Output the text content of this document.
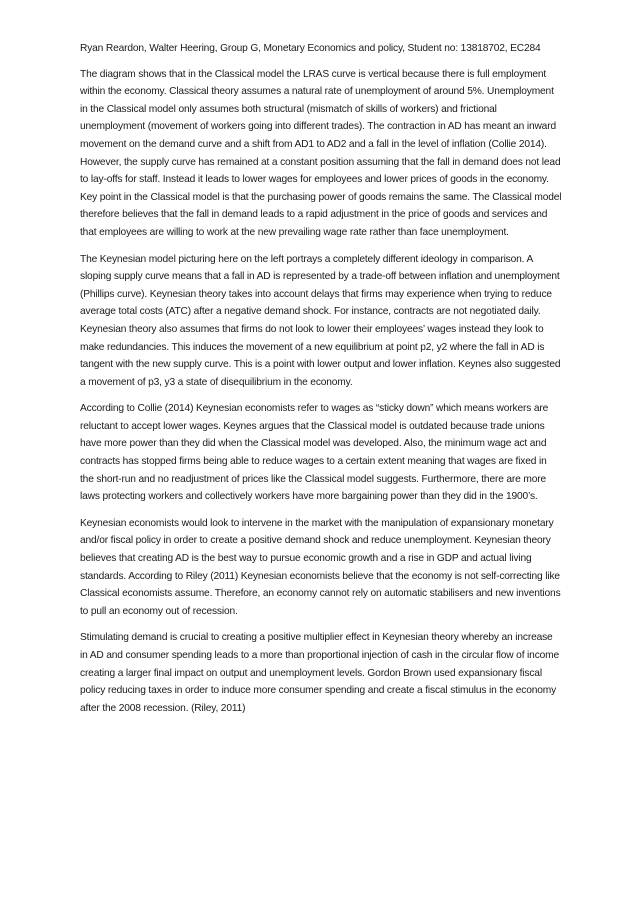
Ryan Reardon, Walter Heering, Group G, Monetary Economics and policy, Student no: 13818702, EC284

The diagram shows that in the Classical model the LRAS curve is vertical because there is full employment within the economy. Classical theory assumes a natural rate of unemployment of around 5%. Unemployment in the Classical model only assumes both structural (mismatch of skills of workers) and frictional unemployment (movement of workers going into different trades). The contraction in AD has meant an inward movement on the demand curve and a shift from AD1 to AD2 and a fall in the level of inflation (Collie 2014). However, the supply curve has remained at a constant position assuming that the fall in demand does not lead to lay-offs for staff. Instead it leads to lower wages for employees and lower prices of goods in the economy. Key point in the Classical model is that the purchasing power of goods remains the same. The Classical model therefore believes that the fall in demand leads to a rapid adjustment in the price of goods and services and that employees are willing to work at the new prevailing wage rate rather than face unemployment.

The Keynesian model picturing here on the left portrays a completely different ideology in comparison. A sloping supply curve means that a fall in AD is represented by a trade-off between inflation and unemployment (Phillips curve). Keynesian theory takes into account delays that firms may experience when trying to reduce average total costs (ATC) after a negative demand shock. For instance, contracts are not negotiated daily. Keynesian theory also assumes that firms do not look to lower their employees’ wages instead they look to make redundancies. This induces the movement of a new equilibrium at point p2, y2 where the fall in AD is tangent with the new supply curve. This is a point with lower output and lower inflation. Keynes also suggested a movement of p3, y3 a state of disequilibrium in the economy.

According to Collie (2014) Keynesian economists refer to wages as “sticky down” which means workers are reluctant to accept lower wages. Keynes argues that the Classical model is outdated because trade unions have more power than they did when the Classical model was developed. Also, the minimum wage act and contracts has stopped firms being able to reduce wages to a certain extent meaning that wages are fixed in the short-run and no readjustment of prices like the Classical model suggests. Furthermore, there are more laws protecting workers and collectively workers have more bargaining power than they did in the 1900’s.

Keynesian economists would look to intervene in the market with the manipulation of expansionary monetary and/or fiscal policy in order to create a positive demand shock and reduce unemployment. Keynesian theory believes that creating AD is the best way to pursue economic growth and a rise in GDP and actual living standards. According to Riley (2011) Keynesian economists believe that the economy is not self-correcting like Classical economists assume. Therefore, an economy cannot rely on automatic stabilisers and new inventions to pull an economy out of recession.

Stimulating demand is crucial to creating a positive multiplier effect in Keynesian theory whereby an increase in AD and consumer spending leads to a more than proportional injection of cash in the circular flow of income creating a larger final impact on output and unemployment levels. Gordon Brown used expansionary fiscal policy reducing taxes in order to induce more consumer spending and create a fiscal stimulus in the economy after the 2008 recession. (Riley, 2011)
